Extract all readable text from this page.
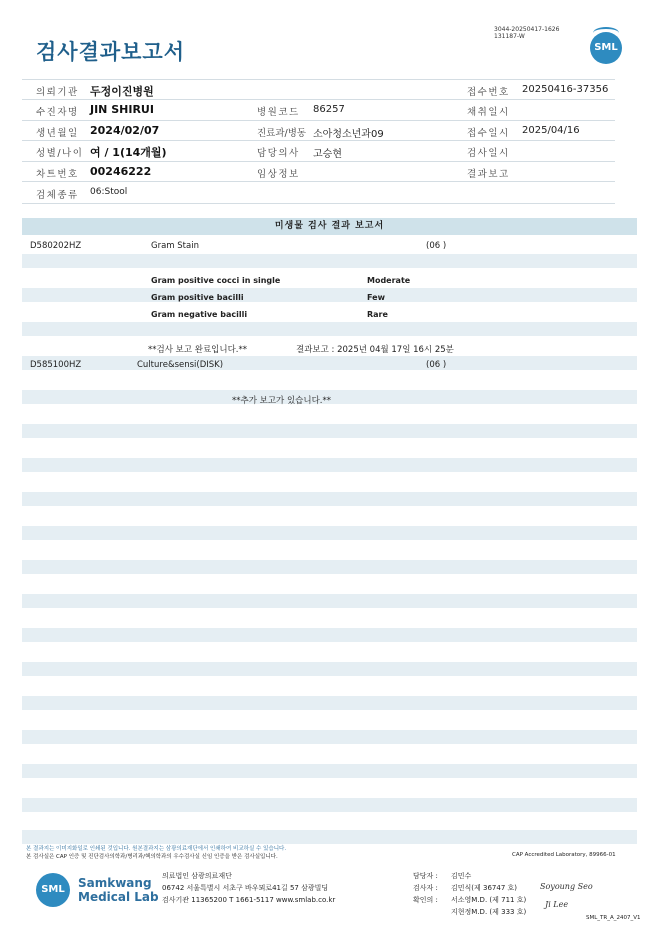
검사결과보고서
3044-20250417-1626
131187-W
SML
의뢰기관 두정이진병원	접수번호 20250416-37356
수진자명 JIN SHIRUI	병원코드 86257	채취일시
생년월일 2024/02/07	진료과/병동 소아청소년과09	접수일시 2025/04/16
성별/나이 여 / 1(14개월)	담당의사 고승현	검사일시
차트번호 00246222	임상정보	결과보고
검체종류 06:Stool
미생물 검사 결과 보고서
D580202HZ	Gram Stain	(06 )
Gram positive cocci in single	Moderate
Gram positive bacilli	Few
Gram negative bacilli	Rare
**검사 보고 완료입니다.**	결과보고 : 2025년 04월 17일 16시 25분
D585100HZ	Culture&sensi(DISK)	(06 )
**추가 보고가 있습니다.**
본 결과지는 이미지화일로 인쇄된 것입니다. 원본결과지는 삼광의료재단에서 인쇄하여 비교하실 수 있습니다.
본 검사실은 CAP 인증 및 진단검사의학과/병리과/핵의학과의 우수검사실 신임 인증을 받은 검사실입니다.	CAP Accredited Laboratory, 89966-01
SML	Samkwang
Medical Lab
의료법인 삼광의료재단
06742 서울특별시 서초구 바우뫼로41길 57 삼광빌딩
검사기관 11365200 T 1661-5117 www.smlab.co.kr
담당자 : 김민수
검사자 : 김민식(제 36747 호)
확인의 : 서소영M.D. (제 711 호)
지현정M.D. (제 333 호)
Soyoung Seo
Ji Lee
SML_TR_A_2407_V1
